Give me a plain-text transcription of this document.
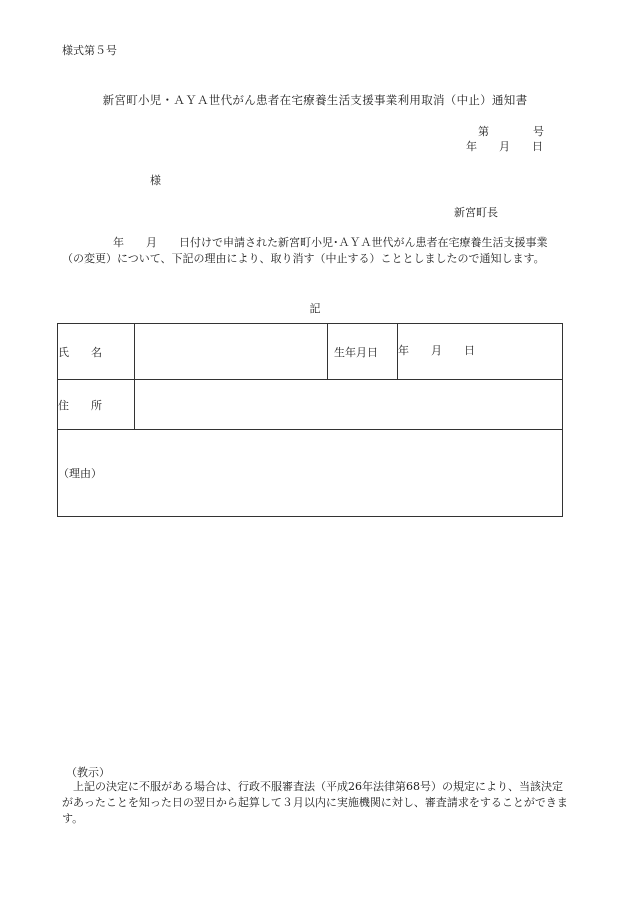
様式第５号
新宮町小児・ＡＹＡ世代がん患者在宅療養生活支援事業利用取消（中止）通知書
第　　　　号
年　　月　　日
様
新宮町長
年　　月　　日付けで申請された新宮町小児･ＡＹＡ世代がん患者在宅療養生活支援事業（の変更）について、下記の理由により、取り消す（中止する）こととしましたので通知します。
記
氏　　名		生年月日	年　　月　　日
住　　所			
（理由）			
（教示）
上記の決定に不服がある場合は、行政不服審査法（平成26年法律第68号）の規定により、当該決定があったことを知った日の翌日から起算して３月以内に実施機関に対し、審査請求をすることができます。
